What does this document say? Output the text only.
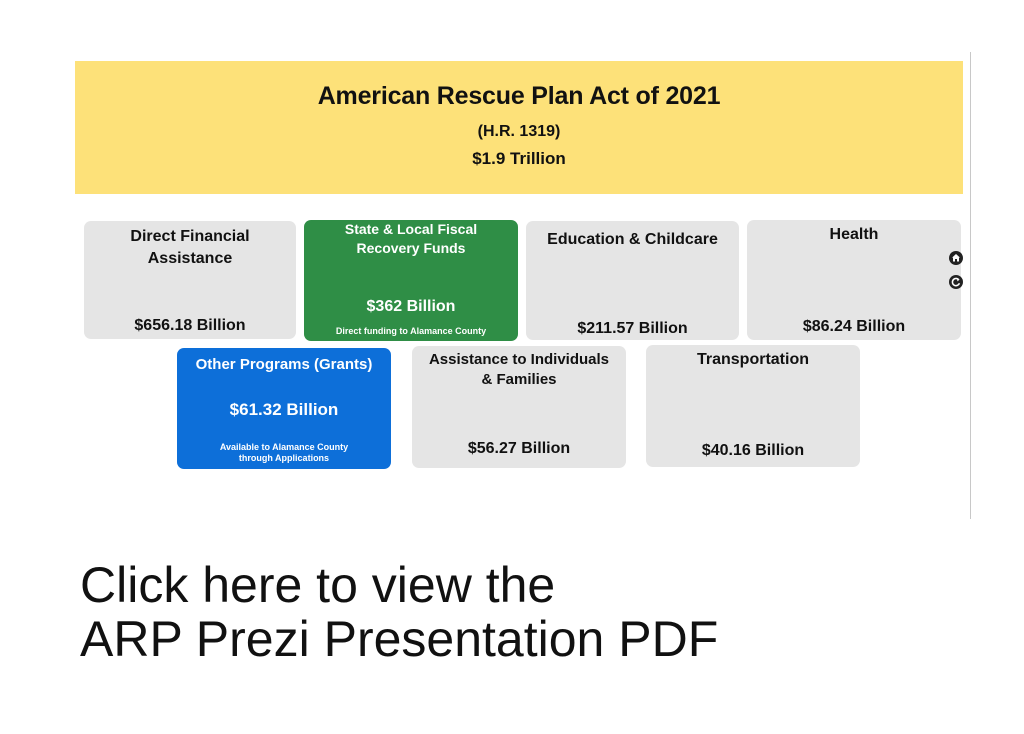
American Rescue Plan Act of 2021
(H.R. 1319)
$1.9 Trillion
Direct Financial
Assistance
$656.18 Billion
State & Local Fiscal
Recovery Funds
$362 Billion
Direct funding to Alamance County
Education & Childcare
$211.57 Billion
Health
$86.24 Billion
Other Programs (Grants)
$61.32 Billion
Available to Alamance County
through Applications
Assistance to Individuals
& Families
$56.27 Billion
Transportation
$40.16 Billion
Click here to view the
ARP Prezi Presentation PDF
